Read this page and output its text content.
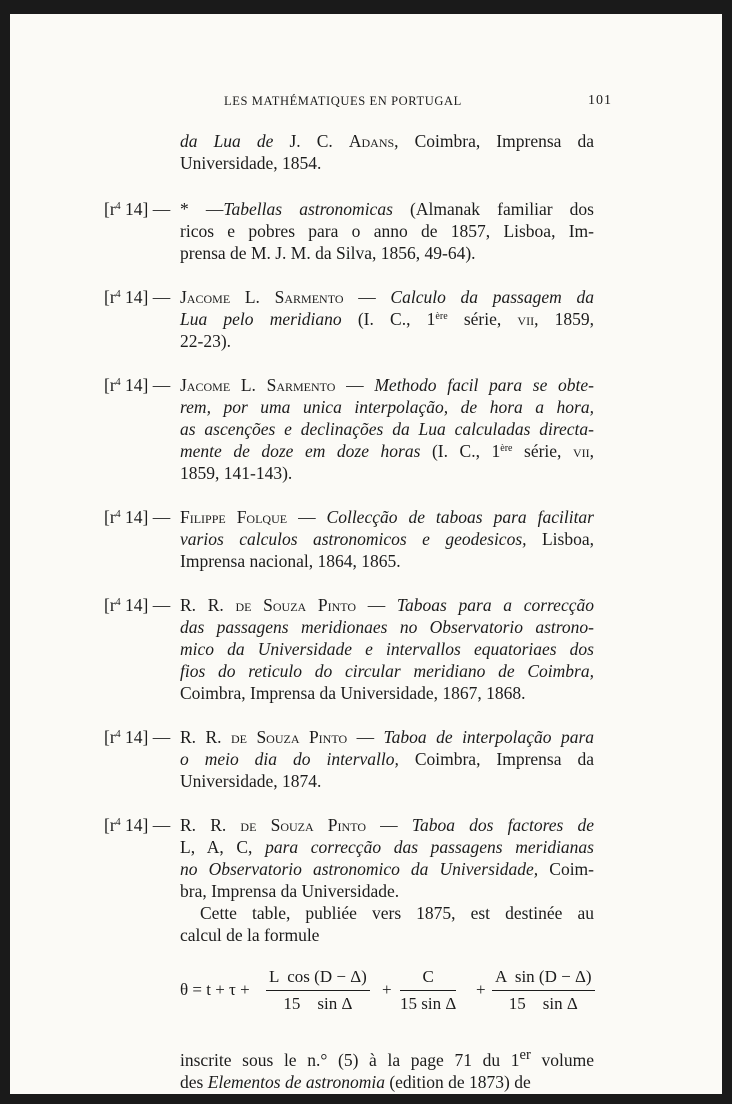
LES MATHÉMATIQUES EN PORTUGAL	101
da Lua de J. C. Adans, Coimbra, Imprensa da
Universidade, 1854.
[$r^4$ 14] — * —Tabellas astronomicas (Almanak familiar dos
ricos e pobres para o anno de 1857, Lisboa, Im-
prensa de M. J. M. da Silva, 1856, 49-64).
[$r^4$ 14] — Jacome L. Sarmento — Calculo da passagem da
Lua pelo meridiano (I. C., 1ère série, vii, 1859,
22-23).
[$r^4$ 14] — Jacome L. Sarmento — Methodo facil para se obte-
rem, por uma unica interpolação, de hora a hora,
as ascenções e declinações da Lua calculadas directa-
mente de doze em doze horas (I. C., 1ère série, vii,
1859, 141-143).
[$r^4$ 14] — Filippe Folque — Collecção de taboas para facilitar
varios calculos astronomicos e geodesicos, Lisboa,
Imprensa nacional, 1864, 1865.
[$r^4$ 14] — R. R. de Souza Pinto — Taboas para a correcção
das passagens meridionaes no Observatorio astrono-
mico da Universidade e intervallos equatoriaes dos
fios do reticulo do circular meridiano de Coimbra,
Coimbra, Imprensa da Universidade, 1867, 1868.
[$r^4$ 14] — R. R. de Souza Pinto — Taboa de interpolação para
o meio dia do intervallo, Coimbra, Imprensa da
Universidade, 1874.
[$r^4$ 14] — R. R. de Souza Pinto — Taboa dos factores de
L, A, C, para correcção das passagens meridianas
no Observatorio astronomico da Universidade, Coim-
bra, Imprensa da Universidade.
Cette table, publiée vers 1875, est destinée au
calcul de la formule
$\theta = t + \tau + \frac{\text{L  cos (D − Δ)}}{\text{15    sin Δ}} + \frac{C}{\text{15 sin Δ}} + \frac{\text{A  sin (D − Δ)}}{\text{15    sin Δ}}$
inscrite sous le n.° (5) à la page 71 du 1er volume
des Elementos de astronomia (edition de 1873) de
